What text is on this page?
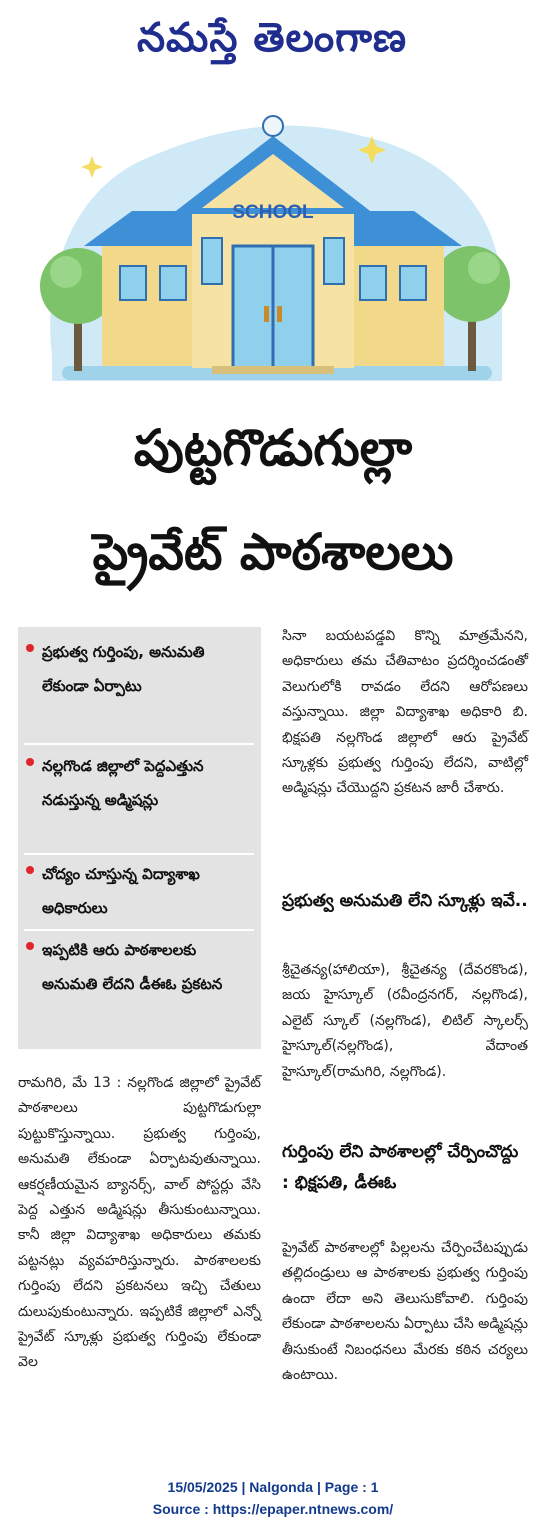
నమస్తే తెలంగాణ
SCHOOL
పుట్టగొడుగుల్లా
ప్రైవేట్ పాఠశాలలు
ప్రభుత్వ గుర్తింపు, అనుమతి లేకుండా ఏర్పాటు
నల్లగొండ జిల్లాలో పెద్దఎత్తున నడుస్తున్న అడ్మిషన్లు
చోద్యం చూస్తున్న విద్యాశాఖ అధికారులు
ఇప్పటికి ఆరు పాఠశాలలకు అనుమతి లేదని డీఈఓ ప్రకటన
రామగిరి, మే 13 : నల్లగొండ జిల్లాలో ప్రైవేట్ పాఠశాలలు పుట్టగొడుగుల్లా పుట్టుకొస్తున్నాయి. ప్రభుత్వ గుర్తింపు, అనుమతి లేకుండా ఏర్పాటవుతున్నాయి. ఆకర్షణీయమైన బ్యానర్స్, వాల్ పోస్టర్లు వేసి పెద్ద ఎత్తున అడ్మిషన్లు తీసుకుంటున్నాయి. కానీ జిల్లా విద్యాశాఖ అధికారులు తమకు పట్టనట్లు వ్యవహరిస్తున్నారు. పాఠశాలలకు గుర్తింపు లేదని ప్రకటనలు ఇచ్చి చేతులు దులుపుకుంటున్నారు. ఇప్పటికే జిల్లాలో ఎన్నో ప్రైవేట్ స్కూళ్లు ప్రభుత్వ గుర్తింపు లేకుండా వెల
సినా బయటపడ్డవి కొన్ని మాత్రమేనని, అధికారులు తమ చేతివాటం ప్రదర్శించడంతో వెలుగులోకి రావడం లేదని ఆరోపణలు వస్తున్నాయి. జిల్లా విద్యాశాఖ అధికారి బి. భిక్షపతి నల్లగొండ జిల్లాలో ఆరు ప్రైవేట్ స్కూళ్లకు ప్రభుత్వ గుర్తింపు లేదని, వాటిల్లో అడ్మిషన్లు చేయొద్దని ప్రకటన జారీ చేశారు.
ప్రభుత్వ అనుమతి లేని స్కూళ్లు ఇవే..
శ్రీచైతన్య(హాలియా), శ్రీచైతన్య (దేవరకొండ), జయ హైస్కూల్ (రవీంద్రనగర్, నల్లగొండ), ఎలైట్ స్కూల్ (నల్లగొండ), లిటిల్ స్కాలర్స్ హైస్కూల్(నల్లగొండ), వేదాంత హైస్కూల్(రామగిరి, నల్లగొండ).
గుర్తింపు లేని పాఠశాలల్లో చేర్పించొద్దు : భిక్షపతి, డీఈఓ
ప్రైవేట్ పాఠశాలల్లో పిల్లలను చేర్పించేటప్పుడు తల్లిదండ్రులు ఆ పాఠశాలకు ప్రభుత్వ గుర్తింపు ఉందా లేదా అని తెలుసుకోవాలి. గుర్తింపు లేకుండా పాఠశాలలను ఏర్పాటు చేసి అడ్మిషన్లు తీసుకుంటే నిబంధనలు మేరకు కఠిన చర్యలు ఉంటాయి.
15/05/2025 | Nalgonda | Page : 1
Source : https://epaper.ntnews.com/
